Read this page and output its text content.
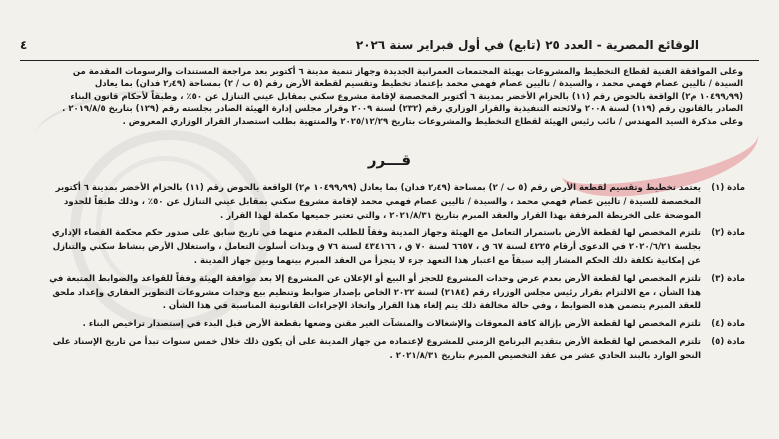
الوقائع المصرية - العدد ٢٥ (تابع) في أول فبراير سنة ٢٠٢٦
٤

وعلى الموافقة الفنية لقطاع التخطيط والمشروعات بهيئة المجتمعات العمرانية الجديدة وجهاز تنمية مدينة ٦ أكتوبر بعد مراجعة المستندات والرسومات المقدمة من السيدة / تاليين عصام فهمي محمد ، والسيدة / تاليين عصام فهمي محمد بإعتماد تخطيط وتقسيم لقطعة الأرض رقم (٥ ب / ٢) بمساحة (٢٫٤٩ فدان) بما يعادل (١٠٤٩٩٫٩٩ م٢) الواقعة بالحوض رقم (١١) بالحزام الأخضر بمدينة ٦ أكتوبر المخصصة لإقامة مشروع سكني بمقابل عيني التنازل عن ٥٠٪ ، وطبقاً لأحكام قانون البناء الصادر بالقانون رقم (١١٩) لسنة ٢٠٠٨ ولائحته التنفيذية والقرار الوزاري رقم (٢٣٢) لسنة ٢٠٠٩ وقرار مجلس إدارة الهيئة الصادر بجلسته رقم (١٢٩) بتاريخ ٢٠١٩/٨/٥ .

وعلى مذكرة السيد المهندس / نائب رئيس الهيئة لقطاع التخطيط والمشروعات بتاريخ ٢٠٢٥/١٢/٢٩ والمنتهية بطلب استصدار القرار الوزاري المعروض .

قـــرر
مادة (١)
يعتمد تخطيط وتقسيم لقطعة الأرض رقم (٥ ب / ٢) بمساحة (٢٫٤٩ فدان) بما يعادل (١٠٤٩٩٫٩٩ م٢) الواقعة بالحوض رقم (١١) بالحزام الأخضر بمدينة ٦ أكتوبر المخصصة للسيدة / تاليين عصام فهمي محمد ، والسيدة / تاليين عصام فهمي محمد لإقامة مشروع سكني بمقابل عيني التنازل عن ٥٠٪ ، وذلك طبقاً للحدود الموضحة على الخريطة المرفقة بهذا القرار والعقد المبرم بتاريخ ٢٠٢١/٨/٣١ ، والتي تعتبر جميعها مكملة لهذا القرار .
مادة (٢)
تلتزم المخصص لها لقطعة الأرض باستمرار التعامل مع الهيئة وجهاز المدينة وفقاً للطلب المقدم منهما في تاريخ سابق على صدور حكم محكمة القضاء الإداري بجلسة ٢٠٢٠/٦/٢١ في الدعوى أرقام ٤٢٢٥ لسنة ٦٧ ق ، ٦٦٥٧ لسنة ٧٠ ق ، ٤٣٤١٦٦ لسنة ٧٦ ق وبذات أسلوب التعامل ، واستغلال الأرض بنشاط سكني والتنازل عن إمكانية تكلفة ذلك الحكم المشار إليه سبقاً مع اعتبار هذا التعهد جزء لا يتجزأ من العقد المبرم بينهما وبين جهاز المدينة .
مادة (٣)
تلتزم المخصص لها لقطعة الأرض بعدم عرض وحدات المشروع للحجز أو البيع أو الإعلان عن المشروع إلا بعد موافقة الهيئة وفقاً للقواعد والضوابط المتبعة في هذا الشأن ، مع الالتزام بقرار رئيس مجلس الوزراء رقم (٢١٨٤) لسنة ٢٠٢٢ الخاص بإصدار ضوابط وتنظيم بيع وحدات مشروعات التطوير العقاري وإعداد ملحق للعقد المبرم يتضمن هذه الضوابط ، وفي حالة مخالفة ذلك يتم إلغاء هذا القرار واتخاذ الإجراءات القانونية المناسبة في هذا الشأن .
مادة (٤)
تلتزم المخصص لها لقطعة الأرض بإزالة كافة المعوقات والإشغالات والمنشآت الغير مقنن وضعها بقطعة الأرض قبل البدء في إستصدار تراخيص البناء .
مادة (٥)
تلتزم المخصص لها لقطعة الأرض بتقديم البرنامج الزمني للمشروع لإعتماده من جهاز المدينة على أن يكون ذلك خلال خمس سنوات تبدأ من تاريخ الإسناد على النحو الوارد بالبند الحادي عشر من عقد التخصيص المبرم بتاريخ ٢٠٢١/٨/٣١ .
